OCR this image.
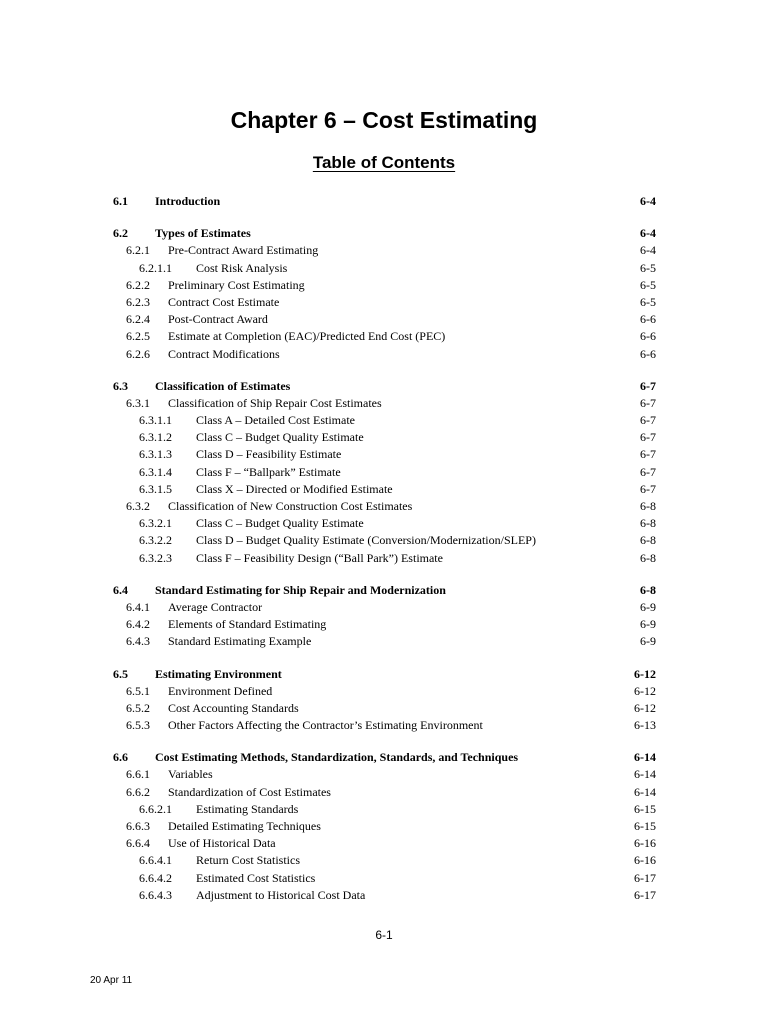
Chapter 6 – Cost Estimating
Table of Contents
6.1 Introduction	6-4
6.2 Types of Estimates	6-4
6.2.1 Pre-Contract Award Estimating	6-4
6.2.1.1 Cost Risk Analysis	6-5
6.2.2 Preliminary Cost Estimating	6-5
6.2.3 Contract Cost Estimate	6-5
6.2.4 Post-Contract Award	6-6
6.2.5 Estimate at Completion (EAC)/Predicted End Cost (PEC)	6-6
6.2.6 Contract Modifications	6-6
6.3 Classification of Estimates	6-7
6.3.1 Classification of Ship Repair Cost Estimates	6-7
6.3.1.1 Class A – Detailed Cost Estimate	6-7
6.3.1.2 Class C – Budget Quality Estimate	6-7
6.3.1.3 Class D – Feasibility Estimate	6-7
6.3.1.4 Class F – “Ballpark” Estimate	6-7
6.3.1.5 Class X – Directed or Modified Estimate	6-7
6.3.2 Classification of New Construction Cost Estimates	6-8
6.3.2.1 Class C – Budget Quality Estimate	6-8
6.3.2.2 Class D – Budget Quality Estimate (Conversion/Modernization/SLEP)	6-8
6.3.2.3 Class F – Feasibility Design (“Ball Park”) Estimate	6-8
6.4 Standard Estimating for Ship Repair and Modernization	6-8
6.4.1 Average Contractor	6-9
6.4.2 Elements of Standard Estimating	6-9
6.4.3 Standard Estimating Example	6-9
6.5 Estimating Environment	6-12
6.5.1 Environment Defined	6-12
6.5.2 Cost Accounting Standards	6-12
6.5.3 Other Factors Affecting the Contractor’s Estimating Environment	6-13
6.6 Cost Estimating Methods, Standardization, Standards, and Techniques	6-14
6.6.1 Variables	6-14
6.6.2 Standardization of Cost Estimates	6-14
6.6.2.1 Estimating Standards	6-15
6.6.3 Detailed Estimating Techniques	6-15
6.6.4 Use of Historical Data	6-16
6.6.4.1 Return Cost Statistics	6-16
6.6.4.2 Estimated Cost Statistics	6-17
6.6.4.3 Adjustment to Historical Cost Data	6-17
6-1
20 Apr 11
